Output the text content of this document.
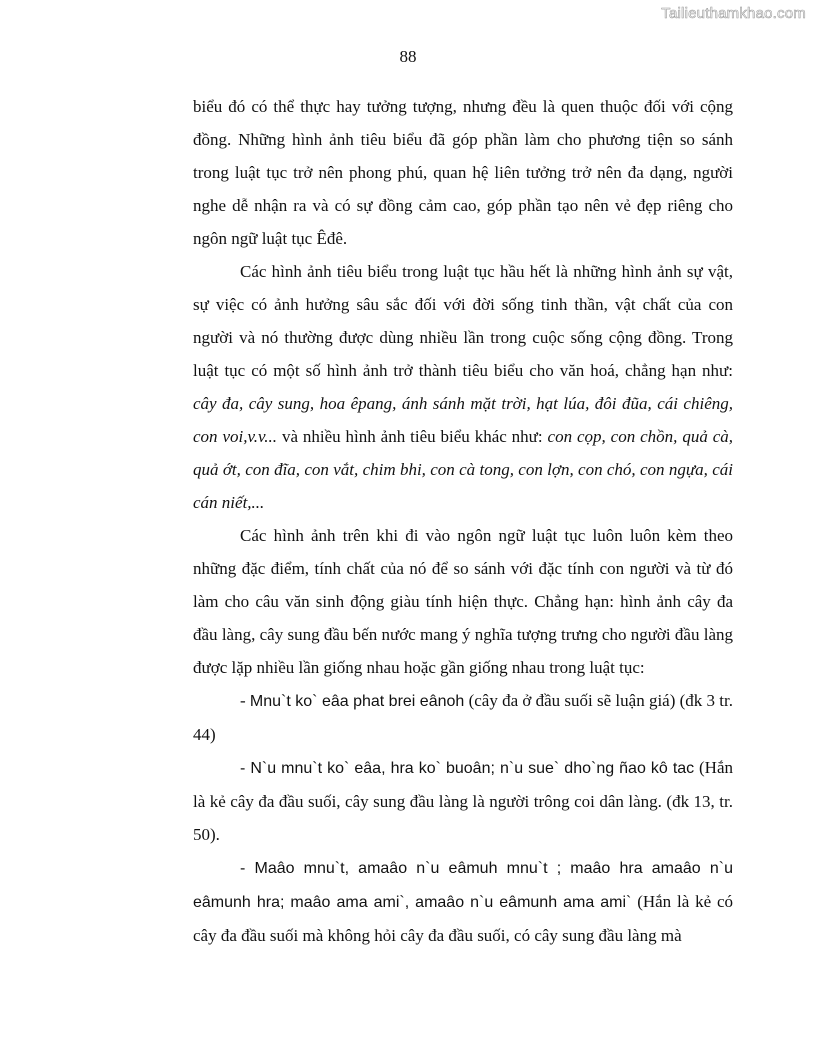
Tailieuthamkhao.com
88

biểu đó có thể thực hay tưởng tượng, nhưng đều là quen thuộc đối với cộng đồng. Những hình ảnh tiêu biểu đã góp phần làm cho phương tiện so sánh trong luật tục trở nên phong phú, quan hệ liên tưởng trở nên đa dạng, người nghe dễ nhận ra và có sự đồng cảm cao, góp phần tạo nên vẻ đẹp riêng cho ngôn ngữ luật tục Êđê.

Các hình ảnh tiêu biểu trong luật tục hầu hết là những hình ảnh sự vật, sự việc có ảnh hưởng sâu sắc đối với đời sống tinh thần, vật chất của con người và nó thường được dùng nhiều lần trong cuộc sống cộng đồng. Trong luật tục có một số hình ảnh trở thành tiêu biểu cho văn hoá, chẳng hạn như: cây đa, cây sung, hoa êpang, ánh sánh mặt trời, hạt lúa, đôi đũa, cái chiêng, con voi,v.v... và nhiều hình ảnh tiêu biểu khác như: con cọp, con chồn, quả cà, quả ớt, con đĩa, con vắt, chim bhi, con cà tong, con lợn, con chó, con ngựa, cái cán niết,...

Các hình ảnh trên khi đi vào ngôn ngữ luật tục luôn luôn kèm theo những đặc điểm, tính chất của nó để so sánh với đặc tính con người và từ đó làm cho câu văn sinh động giàu tính hiện thực. Chẳng hạn: hình ảnh cây đa đầu làng, cây sung đầu bến nước mang ý nghĩa tượng trưng cho người đầu làng được lặp nhiều lần giống nhau hoặc gần giống nhau trong luật tục:

- Mnu`t ko` eâa phat brei eânoh (cây đa ở đầu suối sẽ luận giá) (đk 3 tr. 44)

- N`u mnu`t ko` eâa, hra ko` buoân; n`u sue` dho`ng ñao kô tac (Hắn là kẻ cây đa đầu suối, cây sung đầu làng là người trông coi dân làng. (đk 13, tr. 50).

- Maâo mnu`t, amaâo n`u eâmuh mnu`t ; maâo hra amaâo n`u eâmunh hra; maâo ama ami`, amaâo n`u eâmunh ama ami` (Hắn là kẻ có cây đa đầu suối mà không hỏi cây đa đầu suối, có cây sung đầu làng mà
